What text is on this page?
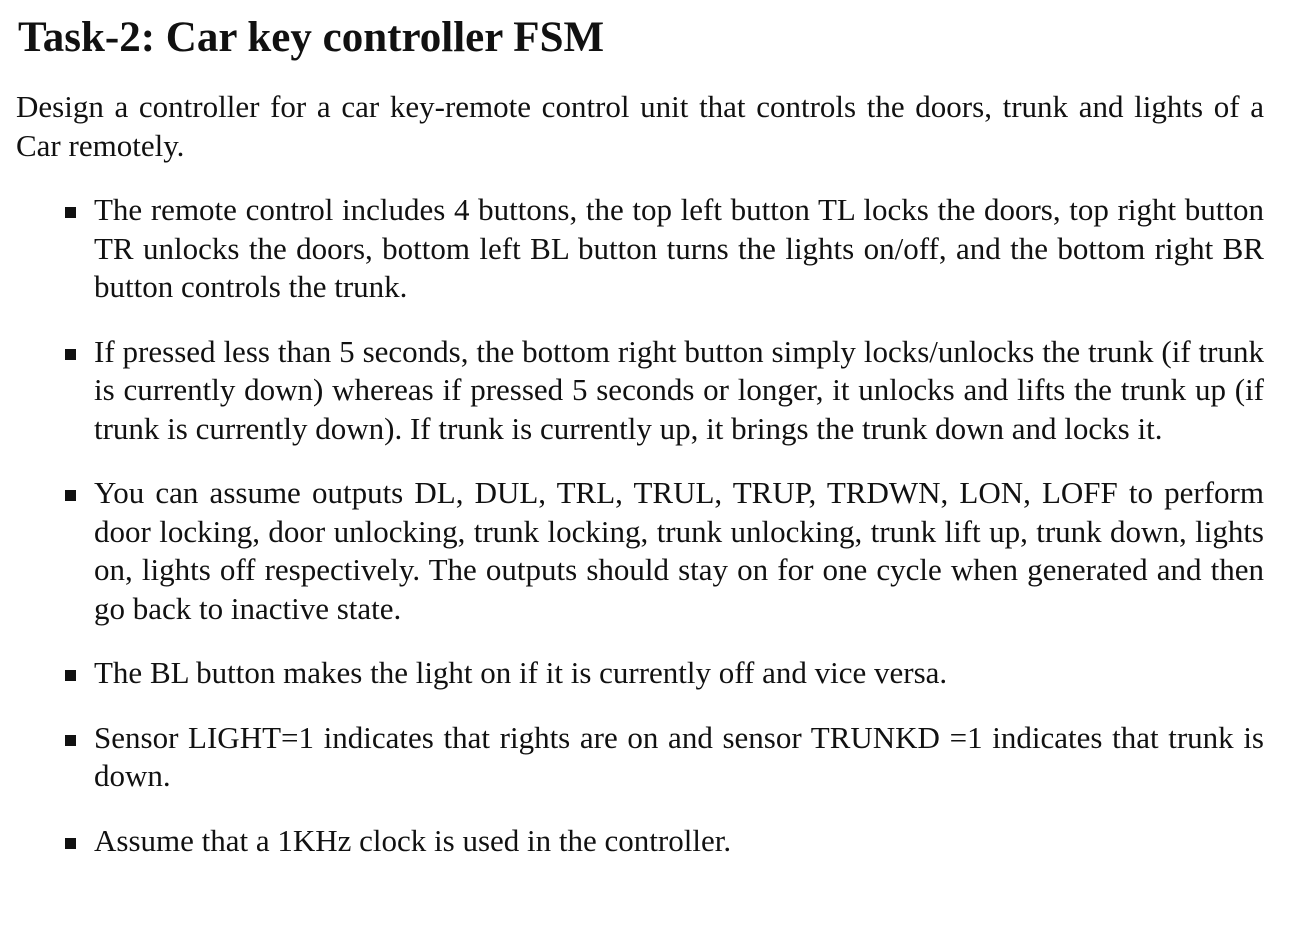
Task-2: Car key controller FSM

Design a controller for a car key-remote control unit that controls the doors, trunk and lights of a Car remotely.

The remote control includes 4 buttons, the top left button TL locks the doors, top right button TR unlocks the doors, bottom left BL button turns the lights on/off, and the bottom right BR button controls the trunk.
If pressed less than 5 seconds, the bottom right button simply locks/unlocks the trunk (if trunk is currently down) whereas if pressed 5 seconds or longer, it unlocks and lifts the trunk up (if trunk is currently down). If trunk is currently up, it brings the trunk down and locks it.
You can assume outputs DL, DUL, TRL, TRUL, TRUP, TRDWN, LON, LOFF to perform door locking, door unlocking, trunk locking, trunk unlocking, trunk lift up, trunk down, lights on, lights off respectively. The outputs should stay on for one cycle when generated and then go back to inactive state.
The BL button makes the light on if it is currently off and vice versa.
Sensor LIGHT=1 indicates that rights are on and sensor TRUNKD =1 indicates that trunk is down.
Assume that a 1KHz clock is used in the controller.
